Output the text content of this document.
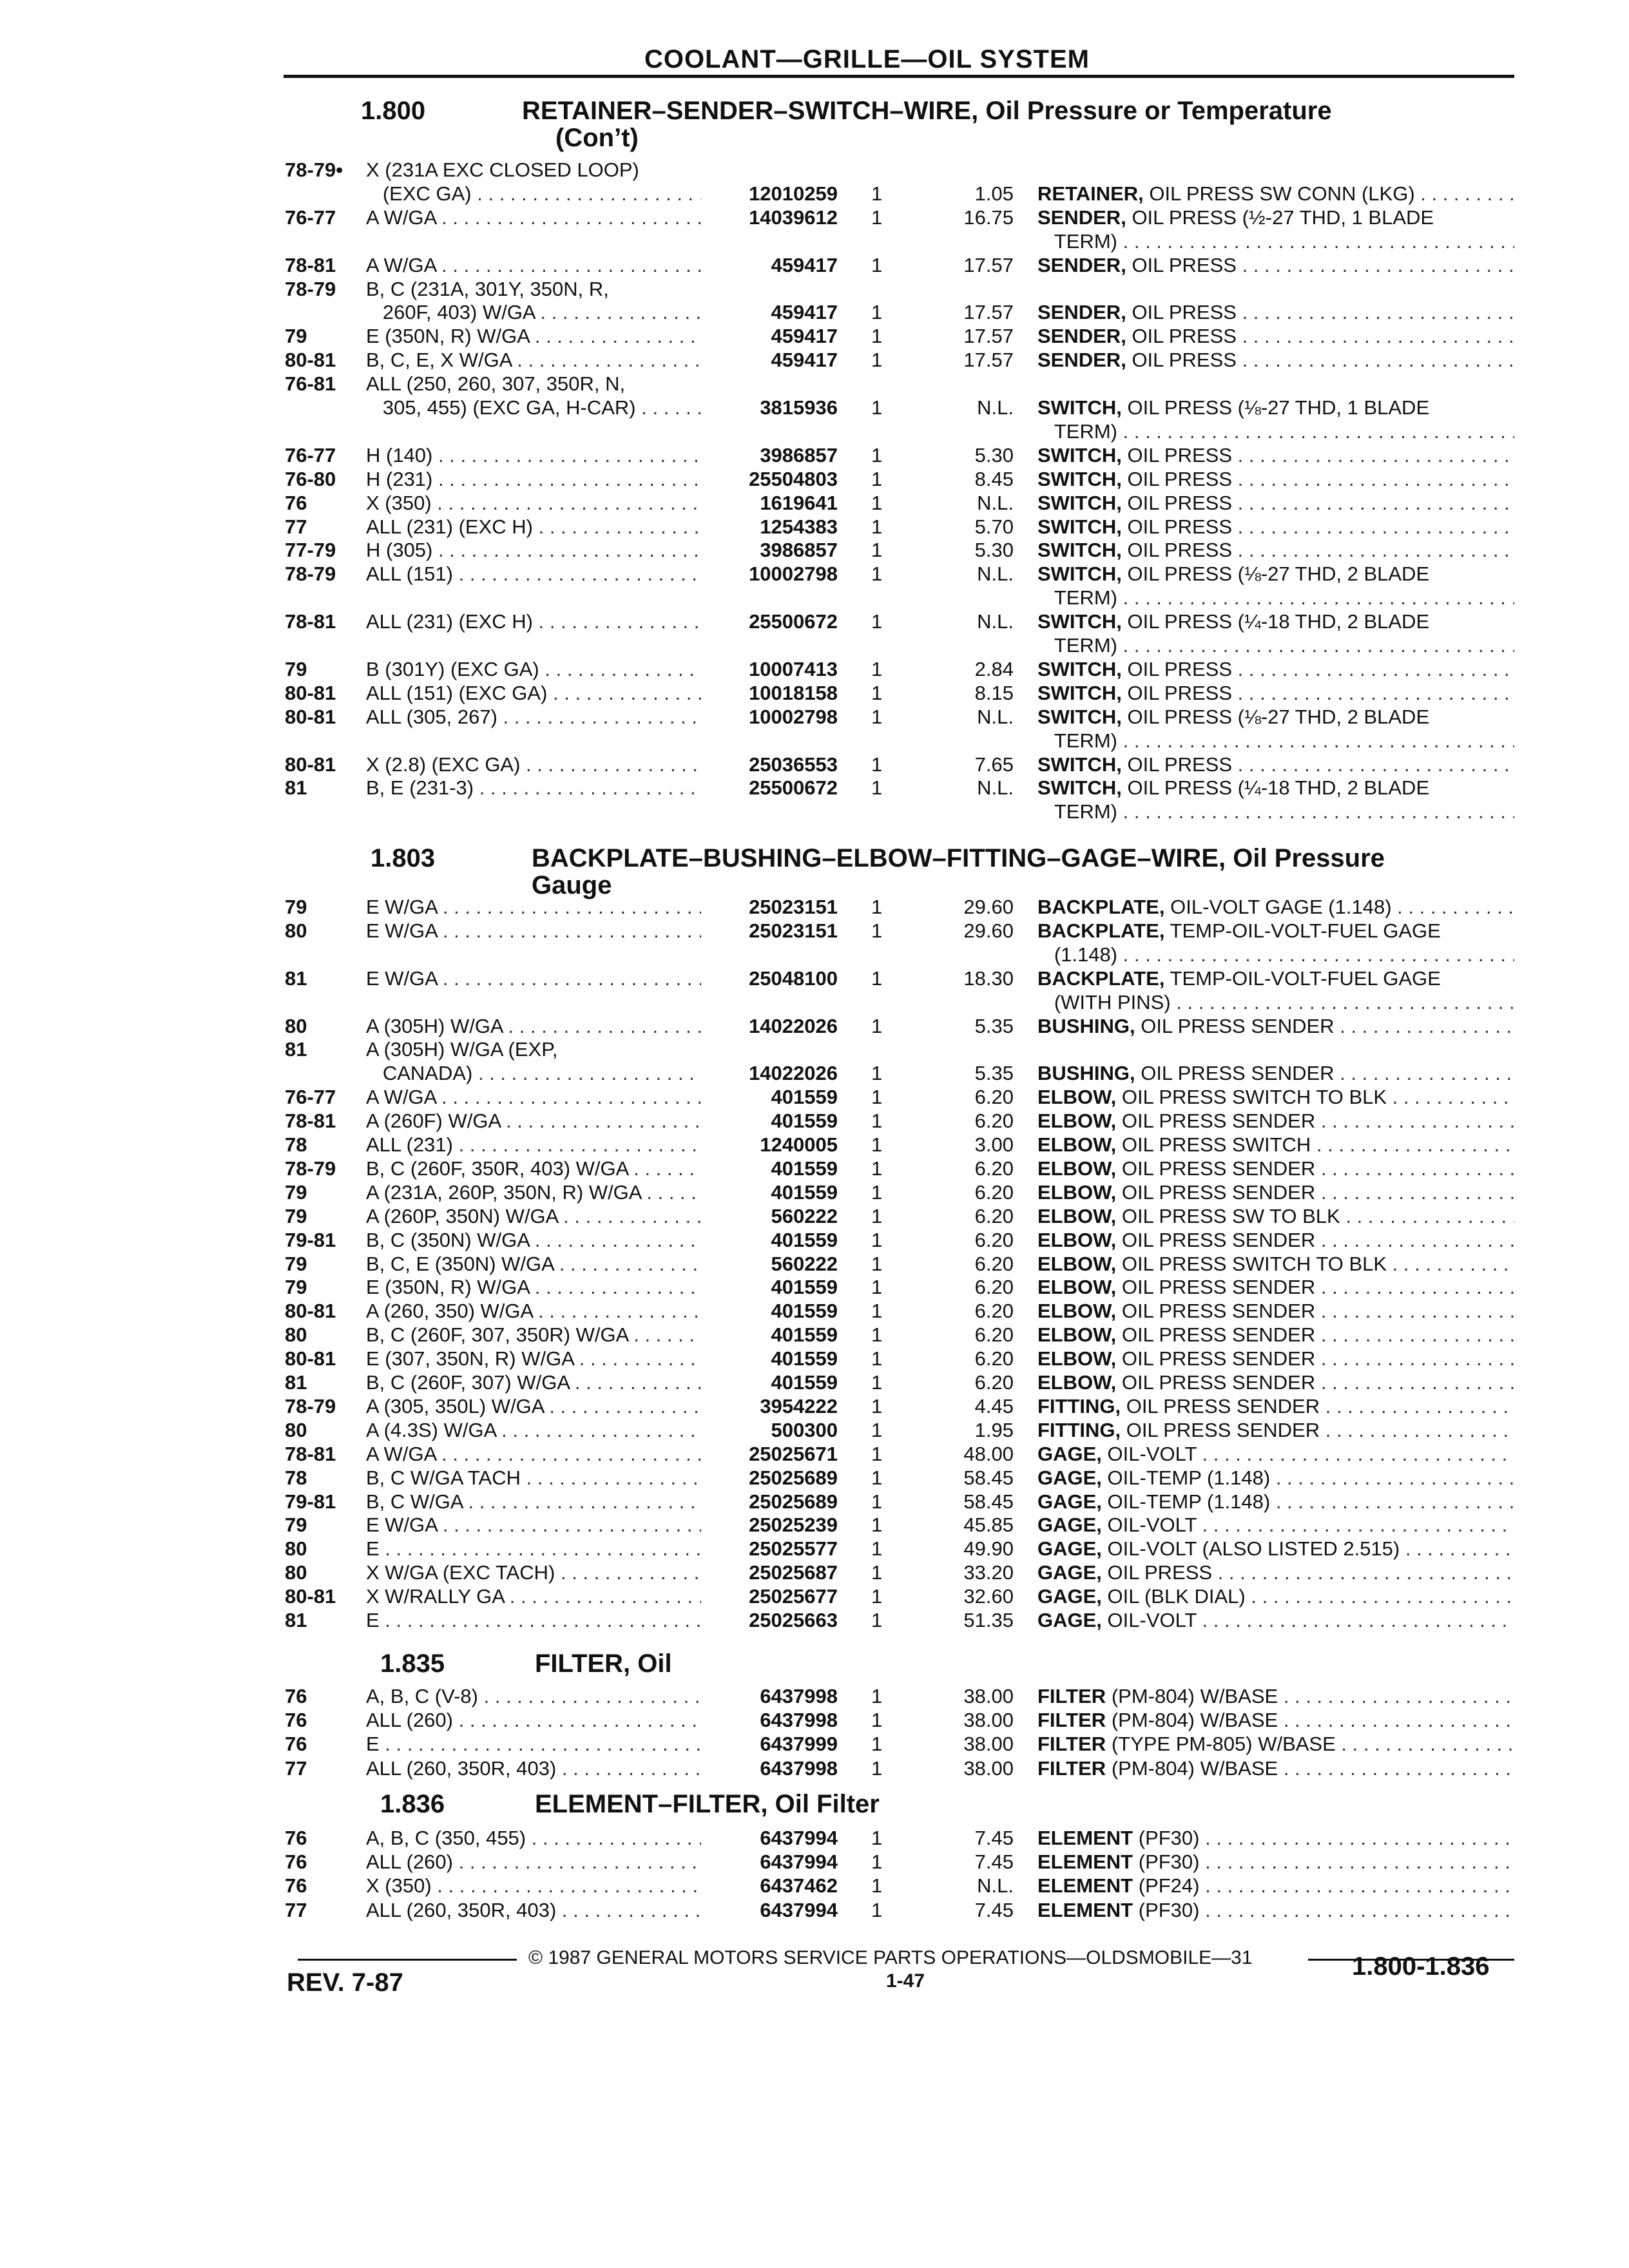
COOLANT—GRILLE—OIL SYSTEM
1.800	RETAINER–SENDER–SWITCH–WIRE, Oil Pressure or Temperature
(Con’t)
1.803	BACKPLATE–BUSHING–ELBOW–FITTING–GAGE–WIRE, Oil Pressure
Gauge
1.835	FILTER, Oil
1.836	ELEMENT–FILTER, Oil Filter
78-79• X (231A EXC CLOSED LOOP)
(EXC GA) . . .	12010259 1	1.05 RETAINER, OIL PRESS SW CONN (LKG) . . .
76-77 A W/GA . . .	14039612 1	16.75 SENDER, OIL PRESS (½-27 THD, 1 BLADE
TERM) . . .
78-81 A W/GA . . .	459417 1	17.57 SENDER, OIL PRESS . . .
78-79 B, C (231A, 301Y, 350N, R,
260F, 403) W/GA . . .	459417 1	17.57 SENDER, OIL PRESS . . .
79	E (350N, R) W/GA . . .	459417 1	17.57 SENDER, OIL PRESS . . .
80-81 B, C, E, X W/GA . . .	459417 1	17.57 SENDER, OIL PRESS . . .
76-81 ALL (250, 260, 307, 350R, N,
305, 455) (EXC GA, H-CAR) . . .	3815936 1	N.L. SWITCH, OIL PRESS (⅛-27 THD, 1 BLADE
TERM) . . .
76-77 H (140) . . .	3986857 1	5.30 SWITCH, OIL PRESS . . .
76-80 H (231) . . .	25504803 1	8.45 SWITCH, OIL PRESS . . .
76	X (350) . . .	1619641 1	N.L. SWITCH, OIL PRESS . . .
77	ALL (231) (EXC H) . . .	1254383 1	5.70 SWITCH, OIL PRESS . . .
77-79 H (305) . . .	3986857 1	5.30 SWITCH, OIL PRESS . . .
78-79 ALL (151) . . .	10002798 1	N.L. SWITCH, OIL PRESS (⅛-27 THD, 2 BLADE
TERM) . . .
78-81 ALL (231) (EXC H) . . .	25500672 1	N.L. SWITCH, OIL PRESS (¼-18 THD, 2 BLADE
TERM) . . .
79	B (301Y) (EXC GA) . . .	10007413 1	2.84 SWITCH, OIL PRESS . . .
80-81 ALL (151) (EXC GA) . . .	10018158 1	8.15 SWITCH, OIL PRESS . . .
80-81 ALL (305, 267) . . .	10002798 1	N.L. SWITCH, OIL PRESS (⅛-27 THD, 2 BLADE
TERM) . . .
80-81 X (2.8) (EXC GA) . . .	25036553 1	7.65 SWITCH, OIL PRESS . . .
81	B, E (231-3) . . .	25500672 1	N.L. SWITCH, OIL PRESS (¼-18 THD, 2 BLADE
TERM) . . .
79	E W/GA . . .	25023151 1	29.60 BACKPLATE, OIL-VOLT GAGE (1.148) . . .
80	E W/GA . . .	25023151 1	29.60 BACKPLATE, TEMP-OIL-VOLT-FUEL GAGE
(1.148) . . .
81	E W/GA . . .	25048100 1	18.30 BACKPLATE, TEMP-OIL-VOLT-FUEL GAGE
(WITH PINS) . . .
80	A (305H) W/GA . . .	14022026 1	5.35 BUSHING, OIL PRESS SENDER . . .
81	A (305H) W/GA (EXP,
CANADA) . . .	14022026 1	5.35 BUSHING, OIL PRESS SENDER . . .
76-77 A W/GA . . .	401559 1	6.20 ELBOW, OIL PRESS SWITCH TO BLK . . .
78-81 A (260F) W/GA . . .	401559 1	6.20 ELBOW, OIL PRESS SENDER . . .
78	ALL (231) . . .	1240005 1	3.00 ELBOW, OIL PRESS SWITCH . . .
78-79 B, C (260F, 350R, 403) W/GA . . .	401559 1	6.20 ELBOW, OIL PRESS SENDER . . .
79	A (231A, 260P, 350N, R) W/GA . . .	401559 1	6.20 ELBOW, OIL PRESS SENDER . . .
79	A (260P, 350N) W/GA . . .	560222 1	6.20 ELBOW, OIL PRESS SW TO BLK . . .
79-81 B, C (350N) W/GA . . .	401559 1	6.20 ELBOW, OIL PRESS SENDER . . .
79	B, C, E (350N) W/GA . . .	560222 1	6.20 ELBOW, OIL PRESS SWITCH TO BLK . . .
79	E (350N, R) W/GA . . .	401559 1	6.20 ELBOW, OIL PRESS SENDER . . .
80-81 A (260, 350) W/GA . . .	401559 1	6.20 ELBOW, OIL PRESS SENDER . . .
80	B, C (260F, 307, 350R) W/GA . . .	401559 1	6.20 ELBOW, OIL PRESS SENDER . . .
80-81 E (307, 350N, R) W/GA . . .	401559 1	6.20 ELBOW, OIL PRESS SENDER . . .
81	B, C (260F, 307) W/GA . . .	401559 1	6.20 ELBOW, OIL PRESS SENDER . . .
78-79 A (305, 350L) W/GA . . .	3954222 1	4.45 FITTING, OIL PRESS SENDER . . .
80	A (4.3S) W/GA . . .	500300 1	1.95 FITTING, OIL PRESS SENDER . . .
78-81 A W/GA . . .	25025671 1	48.00 GAGE, OIL-VOLT . . .
78	B, C W/GA TACH . . .	25025689 1	58.45 GAGE, OIL-TEMP (1.148) . . .
79-81 B, C W/GA . . .	25025689 1	58.45 GAGE, OIL-TEMP (1.148) . . .
79	E W/GA . . .	25025239 1	45.85 GAGE, OIL-VOLT . . .
80	E . . .	25025577 1	49.90 GAGE, OIL-VOLT (ALSO LISTED 2.515) . . .
80	X W/GA (EXC TACH) . . .	25025687 1	33.20 GAGE, OIL PRESS . . .
80-81 X W/RALLY GA . . .	25025677 1	32.60 GAGE, OIL (BLK DIAL) . . .
81	E . . .	25025663 1	51.35 GAGE, OIL-VOLT . . .
76	A, B, C (V-8) . . .	6437998 1	38.00 FILTER (PM-804) W/BASE . . .
76	ALL (260) . . .	6437998 1	38.00 FILTER (PM-804) W/BASE . . .
76	E . . .	6437999 1	38.00 FILTER (TYPE PM-805) W/BASE . . .
77	ALL (260, 350R, 403) . . .	6437998 1	38.00 FILTER (PM-804) W/BASE . . .
76	A, B, C (350, 455) . . .	6437994 1	7.45 ELEMENT (PF30) . . .
76	ALL (260) . . .	6437994 1	7.45 ELEMENT (PF30) . . .
76	X (350) . . .	6437462 1	N.L. ELEMENT (PF24) . . .
77	ALL (260, 350R, 403) . . .	6437994 1	7.45 ELEMENT (PF30) . . .
© 1987 GENERAL MOTORS SERVICE PARTS OPERATIONS—OLDSMOBILE—31
REV. 7-87	1-47
1.800-1.836
